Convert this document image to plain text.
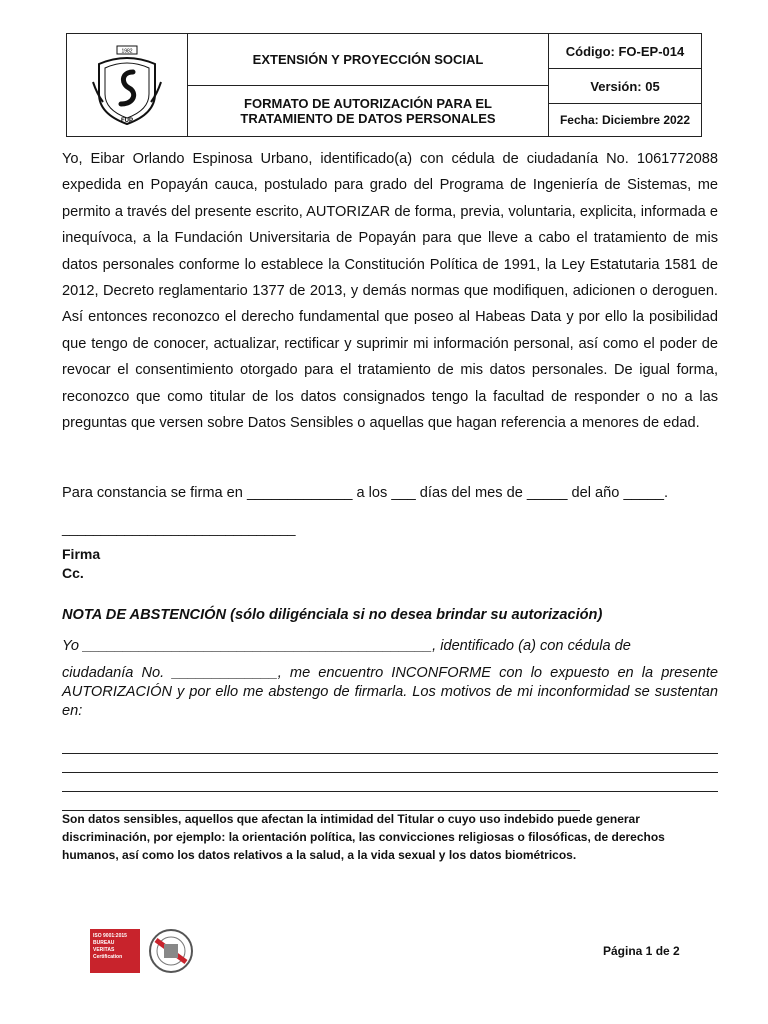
1982
FUP
EXTENSIÓN Y PROYECCIÓN SOCIAL
FORMATO DE AUTORIZACIÓN PARA EL TRATAMIENTO DE DATOS PERSONALES
Código: FO-EP-014
Versión: 05
Fecha: Diciembre 2022

Yo, Eibar Orlando Espinosa Urbano, identificado(a) con cédula de ciudadanía No. 1061772088 expedida en Popayán cauca, postulado para grado del Programa de Ingeniería de Sistemas, me permito a través del presente escrito, AUTORIZAR de forma, previa, voluntaria, explicita, informada e inequívoca, a la Fundación Universitaria de Popayán para que lleve a cabo el tratamiento de mis datos personales conforme lo establece la Constitución Política de 1991, la Ley Estatutaria 1581 de 2012, Decreto reglamentario 1377 de 2013, y demás normas que modifiquen, adicionen o deroguen. Así entonces reconozco el derecho fundamental que poseo al Habeas Data y por ello la posibilidad que tengo de conocer, actualizar, rectificar y suprimir mi información personal, así como el poder de revocar el consentimiento otorgado para el tratamiento de mis datos personales. De igual forma, reconozco que como titular de los datos consignados tengo la facultad de responder o no a las preguntas que versen sobre Datos Sensibles o aquellas que hagan referencia a menores de edad.

Para constancia se firma en _____________ a los ___ días del mes de _____ del año _____.

______________________________
Firma
Cc.
NOTA DE ABSTENCIÓN (sólo diligénciala si no desea brindar su autorización)

Yo ___________________________________________, identificado (a) con cédula de

ciudadanía No. _____________, me encuentro INCONFORME con lo expuesto en la presente AUTORIZACIÓN y por ello me abstengo de firmarla. Los motivos de mi inconformidad se sustentan en:

Son datos sensibles, aquellos que afectan la intimidad del Titular o cuyo uso indebido puede generar discriminación, por ejemplo: la orientación política, las convicciones religiosas o filosóficas, de derechos humanos, así como los datos relativos a la salud, a la vida sexual y los datos biométricos.

ISO 9001:2015 BUREAU VERITAS Certification	Página 1 de 2
